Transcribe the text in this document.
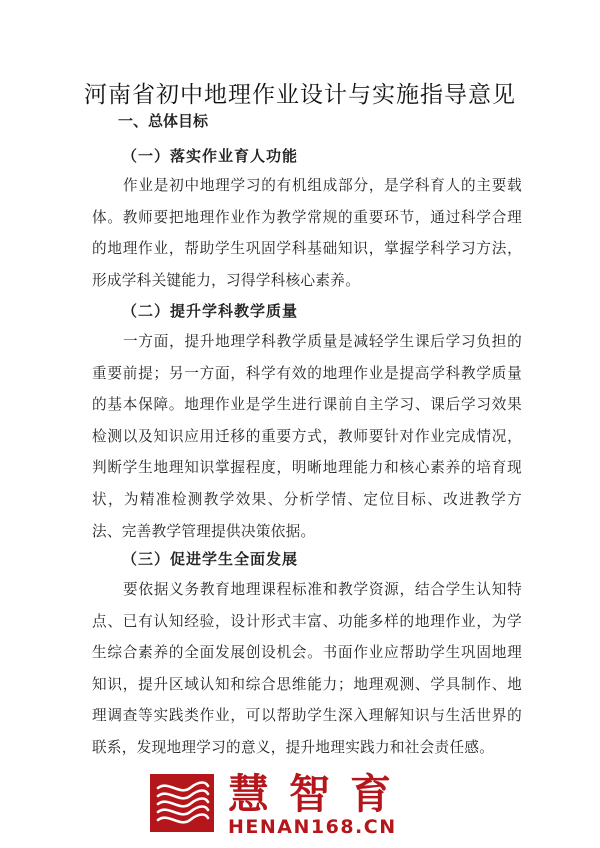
河南省初中地理作业设计与实施指导意见
一、总体目标
（一）落实作业育人功能
作业是初中地理学习的有机组成部分，是学科育人的主要载体。教师要把地理作业作为教学常规的重要环节，通过科学合理的地理作业，帮助学生巩固学科基础知识，掌握学科学习方法，形成学科关键能力，习得学科核心素养。
（二）提升学科教学质量
一方面，提升地理学科教学质量是减轻学生课后学习负担的重要前提；另一方面，科学有效的地理作业是提高学科教学质量的基本保障。地理作业是学生进行课前自主学习、课后学习效果检测以及知识应用迁移的重要方式，教师要针对作业完成情况，判断学生地理知识掌握程度，明晰地理能力和核心素养的培育现状，为精准检测教学效果、分析学情、定位目标、改进教学方法、完善教学管理提供决策依据。
（三）促进学生全面发展
要依据义务教育地理课程标准和教学资源，结合学生认知特点、已有认知经验，设计形式丰富、功能多样的地理作业，为学生综合素养的全面发展创设机会。书面作业应帮助学生巩固地理知识，提升区域认知和综合思维能力；地理观测、学具制作、地理调查等实践类作业，可以帮助学生深入理解知识与生活世界的联系，发现地理学习的意义，提升地理实践力和社会责任感。
慧智育
HENAN168.CN
